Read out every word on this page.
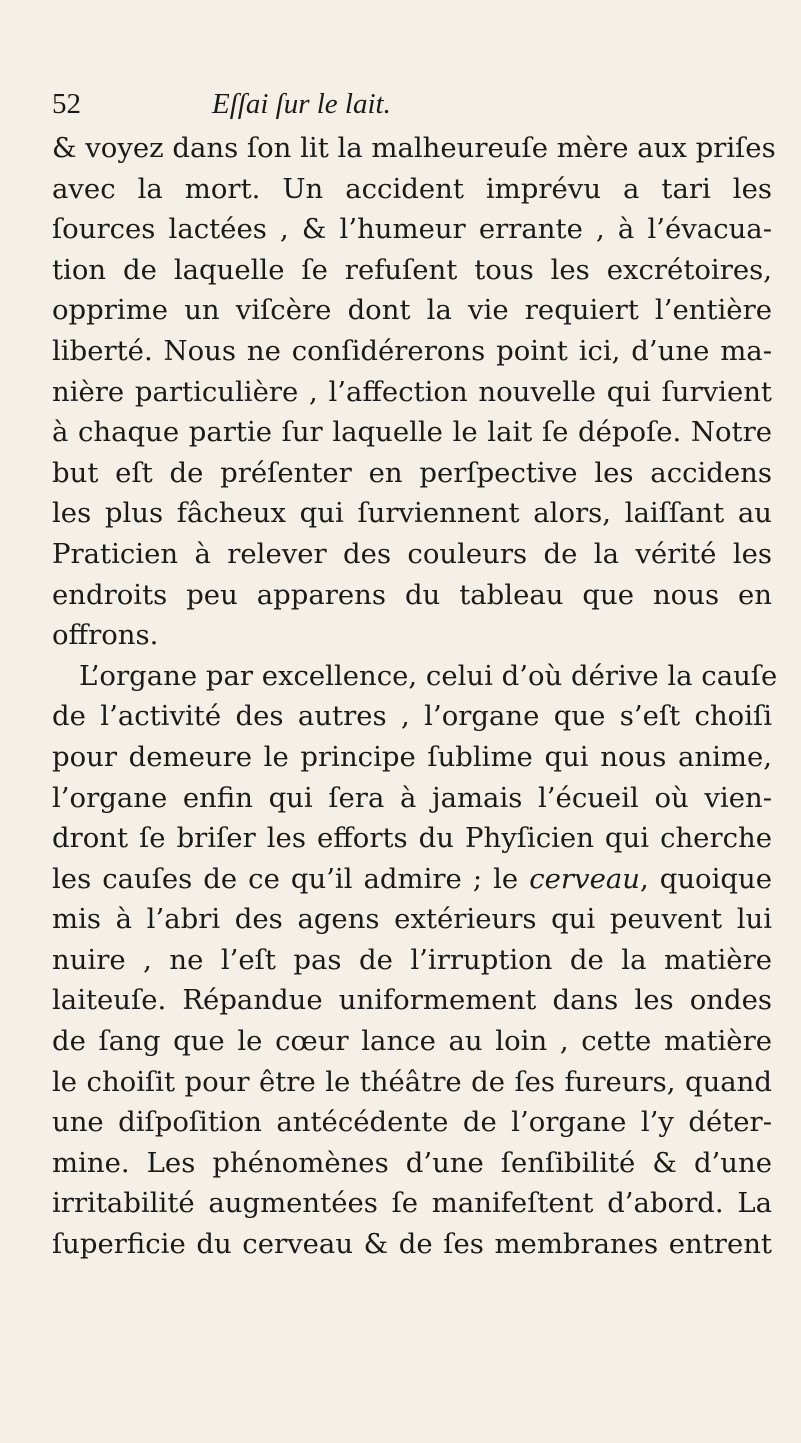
52	Eſſai ſur le lait.
& voyez dans ſon lit la malheureuſe mère aux priſes
avec la mort. Un accident imprévu a tari les
ſources lactées , & l’humeur errante , à l’évacua-
tion de laquelle ſe refuſent tous les excrétoires,
opprime un viſcère dont la vie requiert l’entière
liberté. Nous ne conſidérerons point ici, d’une ma-
nière particulière , l’affection nouvelle qui ſurvient
à chaque partie ſur laquelle le lait ſe dépoſe. Notre
but eſt de préſenter en perſpective les accidens
les plus fâcheux qui ſurviennent alors, laiſſant au
Praticien à relever des couleurs de la vérité les
endroits peu apparens du tableau que nous en
offrons.
L’organe par excellence, celui d’où dérive la cauſe
de l’activité des autres , l’organe que s’eſt choiſi
pour demeure le principe ſublime qui nous anime,
l’organe enfin qui ſera à jamais l’écueil où vien-
dront ſe briſer les efforts du Phyſicien qui cherche
les cauſes de ce qu’il admire ; le cerveau, quoique
mis à l’abri des agens extérieurs qui peuvent lui
nuire , ne l’eſt pas de l’irruption de la matière
laiteuſe. Répandue uniformement dans les ondes
de ſang que le cœur lance au loin , cette matière
le choiſit pour être le théâtre de ſes fureurs, quand
une diſpoſition antécédente de l’organe l’y déter-
mine. Les phénomènes d’une ſenſibilité & d’une
irritabilité augmentées ſe manifeſtent d’abord. La
ſuperficie du cerveau & de ſes membranes entrent
